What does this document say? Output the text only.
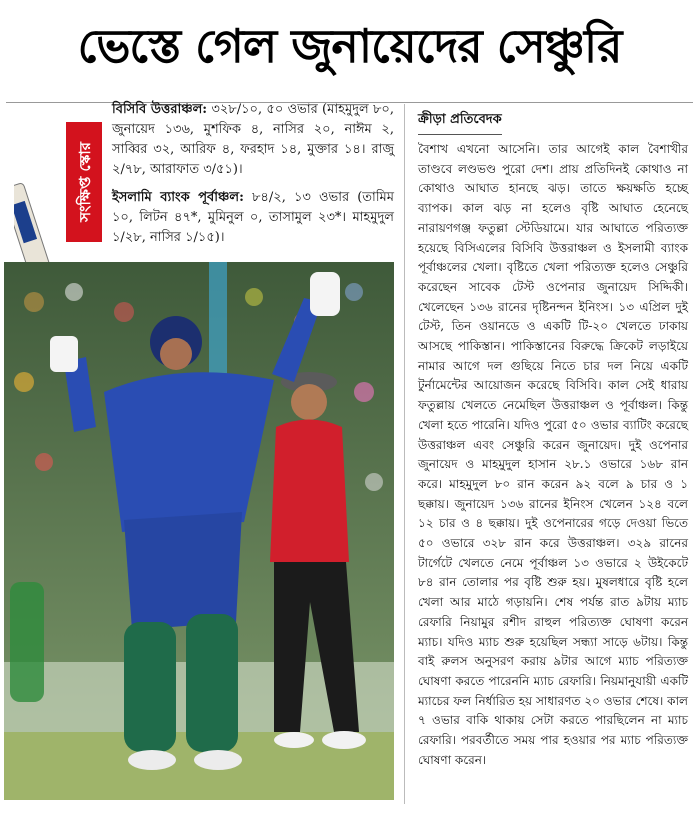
ভেস্তে গেল জুনায়েদের সেঞ্চুরি
সংক্ষিপ্ত স্কোর

বিসিবি উত্তরাঞ্চল: ৩২৮/১০, ৫০ ওভার (মাহমুদুল ৮০, জুনায়েদ ১৩৬, মুশফিক ৪, নাসির ২০, নাঈম ২, সাব্বির ৩২, আরিফ ৪, ফরহাদ ১৪, মুক্তার ১৪। রাজু ২/৭৮, আরাফাত ৩/৫১)।

ইসলামি ব্যাংক পূর্বাঞ্চল: ৮৪/২, ১৩ ওভার (তামিম ১০, লিটন ৪৭*, মুমিনুল ০, তাসামুল ২৩*। মাহমুদুল ১/২৮, নাসির ১/১৫)।

ক্রীড়া প্রতিবেদক
বৈশাখ এখনো আসেনি। তার আগেই কাল বৈশাখীর তাণ্ডবে লণ্ডভণ্ড পুরো দেশ। প্রায় প্রতিদিনই কোথাও না কোথাও আঘাত হানছে ঝড়। তাতে ক্ষয়ক্ষতি হচ্ছে ব্যাপক। কাল ঝড় না হলেও বৃষ্টি আঘাত হেনেছে নারায়ণগঞ্জ ফতুল্লা স্টেডিয়ামে। যার আঘাতে পরিত্যক্ত হয়েছে বিসিএলের বিসিবি উত্তরাঞ্চল ও ইসলামী ব্যাংক পূর্বাঞ্চলের খেলা। বৃষ্টিতে খেলা পরিত্যক্ত হলেও সেঞ্চুরি করেছেন সাবেক টেস্ট ওপেনার জুনায়েদ সিদ্দিকী। খেলেছেন ১৩৬ রানের দৃষ্টিনন্দন ইনিংস। ১৩ এপ্রিল দুই টেস্ট, তিন ওয়ানডে ও একটি টি-২০ খেলতে ঢাকায় আসছে পাকিস্তান। পাকিস্তানের বিরুদ্ধে ক্রিকেট লড়াইয়ে নামার আগে দল গুছিয়ে নিতে চার দল নিয়ে একটি টুর্নামেন্টের আয়োজন করেছে বিসিবি। কাল সেই ধারায় ফতুল্লায় খেলতে নেমেছিল উত্তরাঞ্চল ও পূর্বাঞ্চল। কিন্তু খেলা হতে পারেনি। যদিও পুরো ৫০ ওভার ব্যাটিং করেছে উত্তরাঞ্চল এবং সেঞ্চুরি করেন জুনায়েদ। দুই ওপেনার জুনায়েদ ও মাহমুদুল হাসান ২৮.১ ওভারে ১৬৮ রান করে। মাহমুদুল ৮০ রান করেন ৯২ বলে ৯ চার ও ১ ছক্কায়। জুনায়েদ ১৩৬ রানের ইনিংস খেলেন ১২৪ বলে ১২ চার ও ৪ ছক্কায়। দুই ওপেনারের গড়ে দেওয়া ভিতে ৫০ ওভারে ৩২৮ রান করে উত্তরাঞ্চল। ৩২৯ রানের টার্গেটে খেলতে নেমে পূর্বাঞ্চল ১৩ ওভারে ২ উইকেটে ৮৪ রান তোলার পর বৃষ্টি শুরু হয়। মুষলধারে বৃষ্টি হলে খেলা আর মাঠে গড়ায়নি। শেষ পর্যন্ত রাত ৯টায় ম্যাচ রেফারি নিয়ামুর রশীদ রাহুল পরিত্যক্ত ঘোষণা করেন ম্যাচ। যদিও ম্যাচ শুরু হয়েছিল সন্ধ্যা সাড়ে ৬টায়। কিন্তু বাই রুলস অনুসরণ করায় ৯টার আগে ম্যাচ পরিত্যক্ত ঘোষণা করতে পারেননি ম্যাচ রেফারি। নিয়মানুযায়ী একটি ম্যাচের ফল নির্ধারিত হয় সাধারণত ২০ ওভার শেষে। কাল ৭ ওভার বাকি থাকায় সেটা করতে পারছিলেন না ম্যাচ রেফারি। পরবর্তীতে সময় পার হওয়ার পর ম্যাচ পরিত্যক্ত ঘোষণা করেন।
